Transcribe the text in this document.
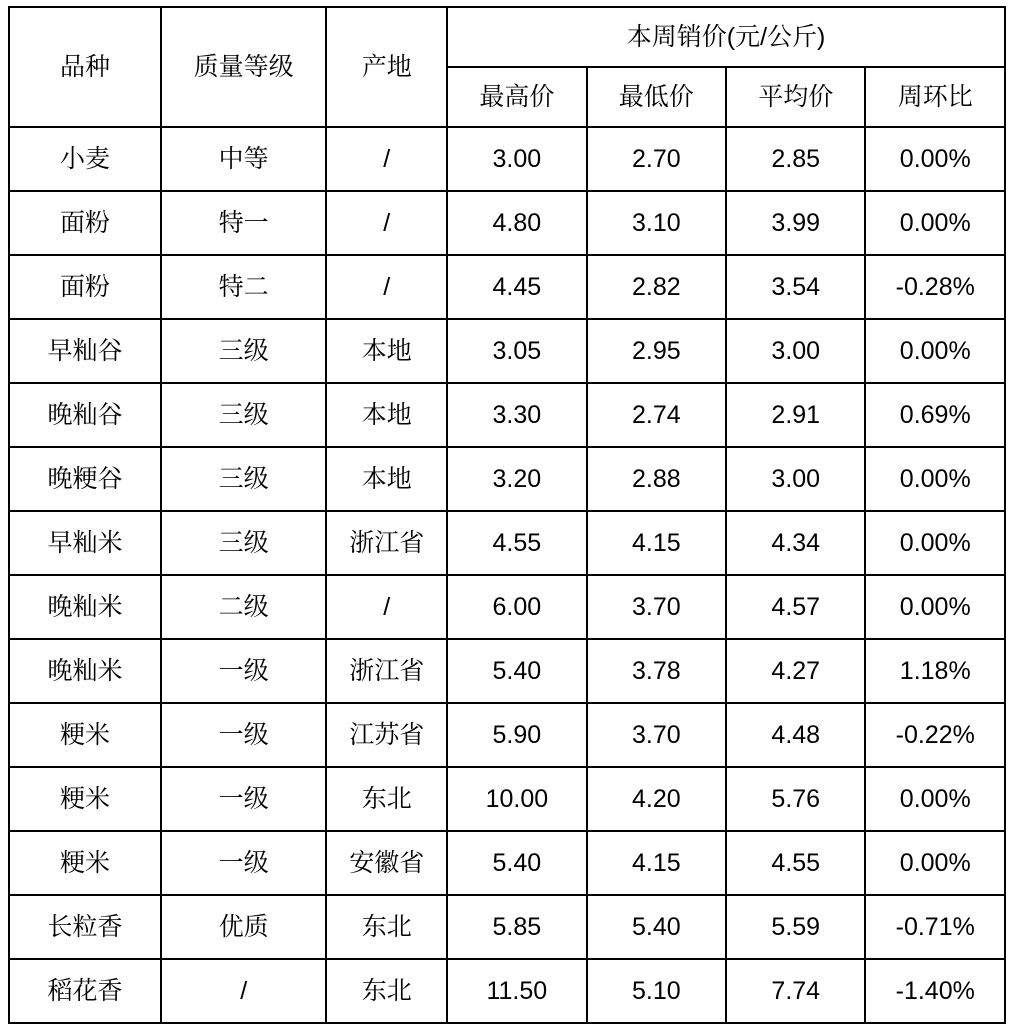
品种	质量等级	产地	本周销价(元/公斤)			
			最高价	最低价	平均价	周环比
小麦	中等	/	3.00	2.70	2.85	0.00%
面粉	特一	/	4.80	3.10	3.99	0.00%
面粉	特二	/	4.45	2.82	3.54	-0.28%
早籼谷	三级	本地	3.05	2.95	3.00	0.00%
晚籼谷	三级	本地	3.30	2.74	2.91	0.69%
晚粳谷	三级	本地	3.20	2.88	3.00	0.00%
早籼米	三级	浙江省	4.55	4.15	4.34	0.00%
晚籼米	二级	/	6.00	3.70	4.57	0.00%
晚籼米	一级	浙江省	5.40	3.78	4.27	1.18%
粳米	一级	江苏省	5.90	3.70	4.48	-0.22%
粳米	一级	东北	10.00	4.20	5.76	0.00%
粳米	一级	安徽省	5.40	4.15	4.55	0.00%
长粒香	优质	东北	5.85	5.40	5.59	-0.71%
稻花香	/	东北	11.50	5.10	7.74	-1.40%
